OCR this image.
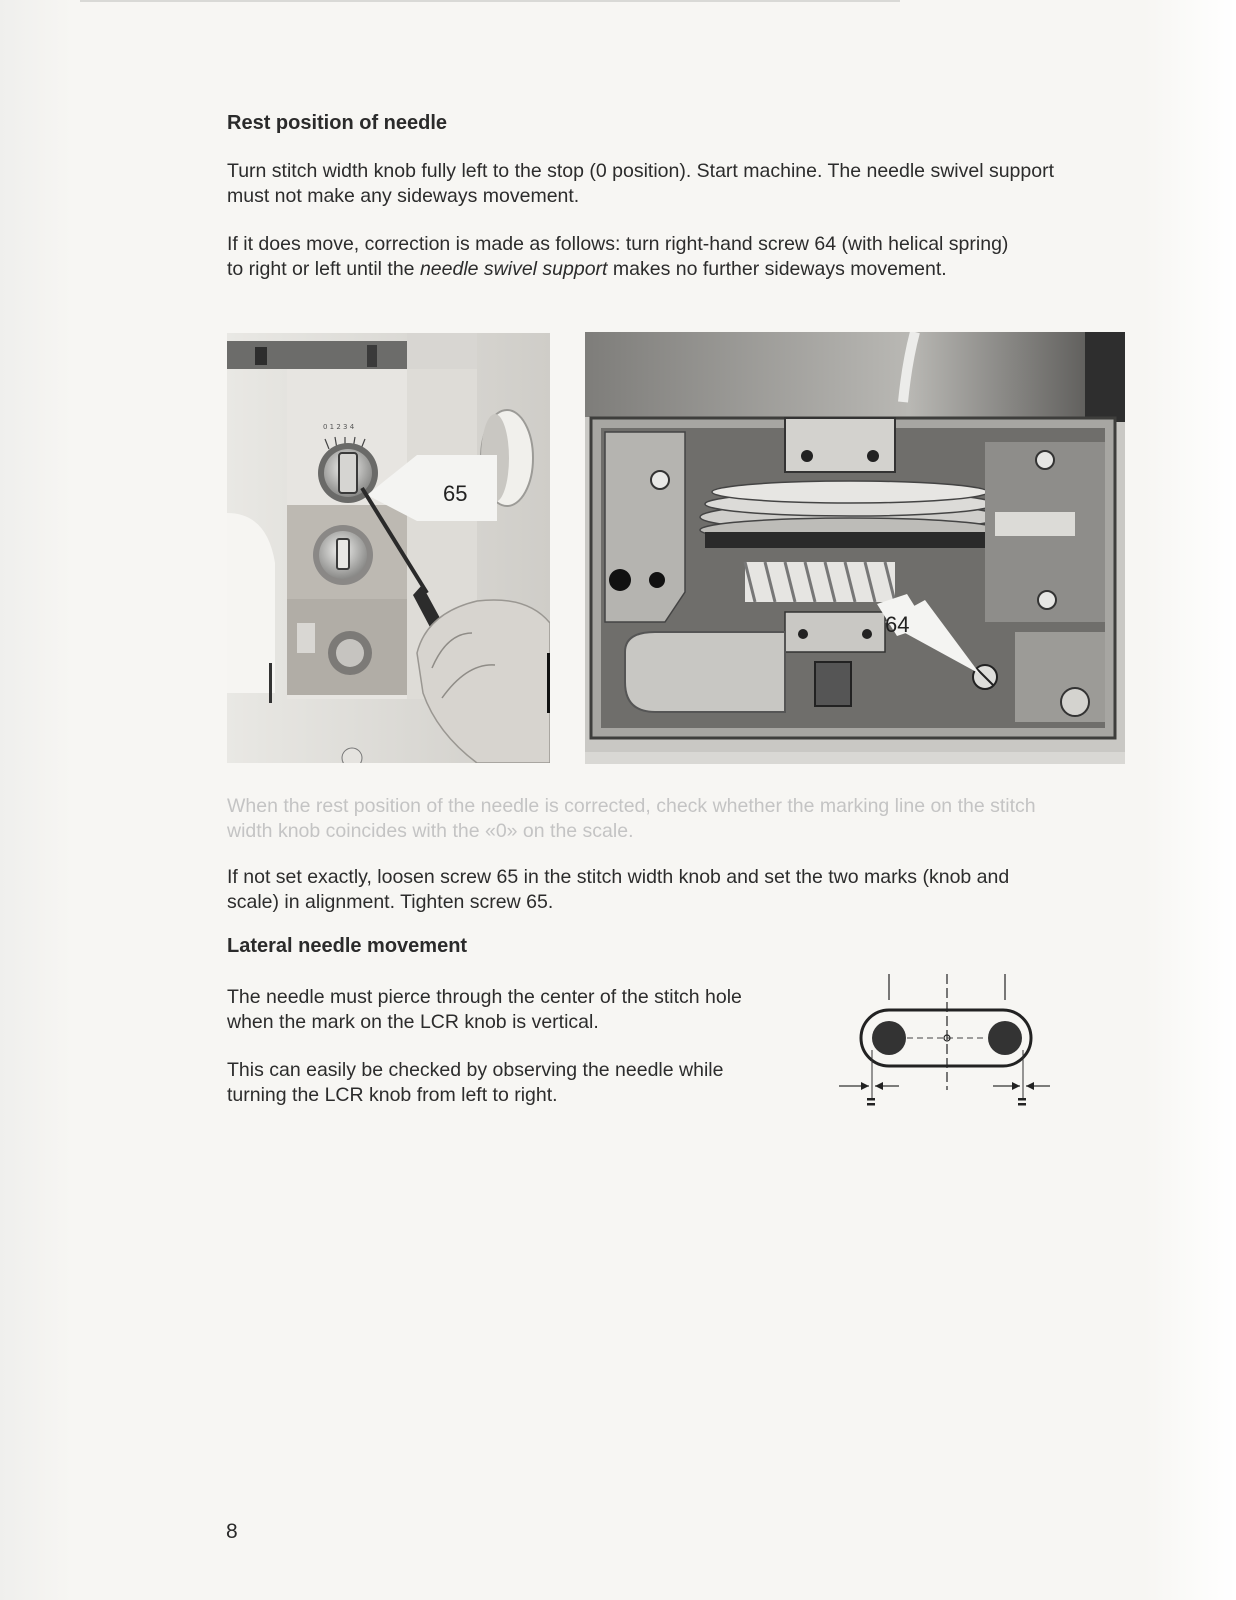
Rest position of needle
Turn stitch width knob fully left to the stop (0 position). Start machine. The needle swivel support must not make any sideways movement.
If it does move, correction is made as follows: turn right-hand screw 64 (with helical spring) to right or left until the needle swivel support makes no further sideways movement.
0 1 2 3 4
65
64
When the rest position of the needle is corrected, check whether the marking line on the stitch width knob coincides with the «0» on the scale.
If not set exactly, loosen screw 65 in the stitch width knob and set the two marks (knob and scale) in alignment. Tighten screw 65.
Lateral needle movement
The needle must pierce through the center of the stitch hole when the mark on the LCR knob is vertical.
This can easily be checked by observing the needle while turning the LCR knob from left to right.
8
